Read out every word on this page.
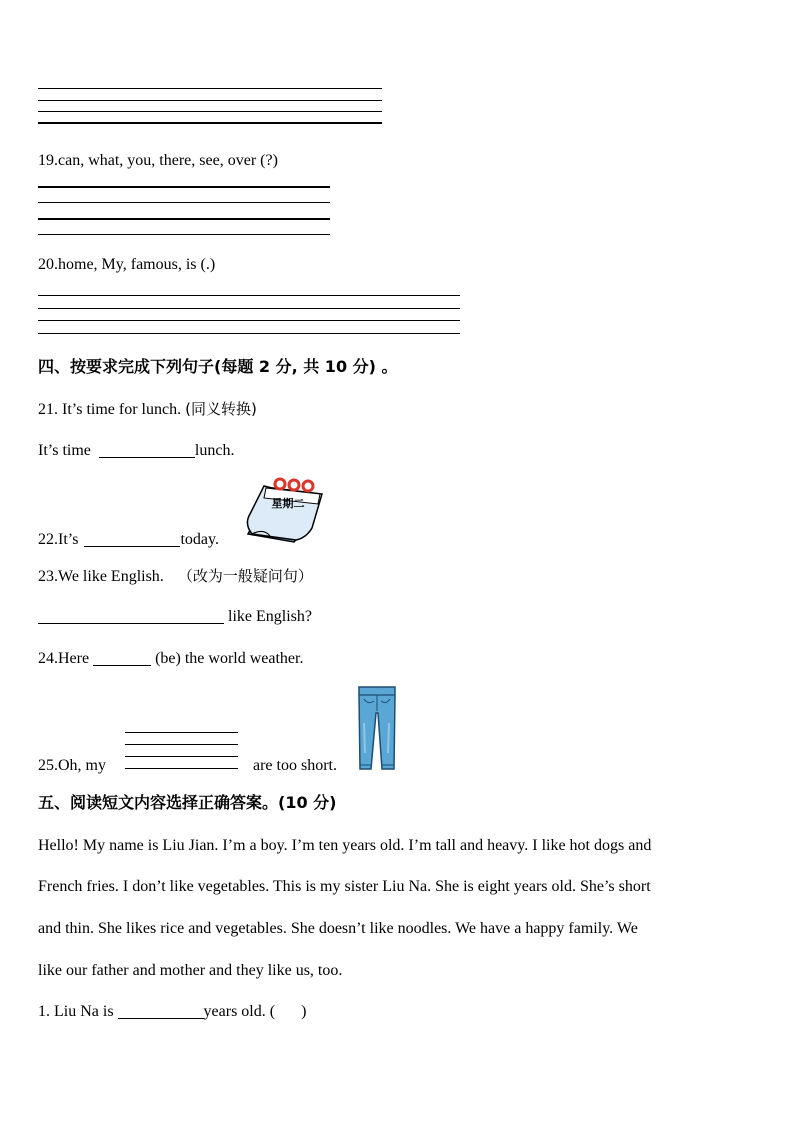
19.can, what, you, there, see, over (?)
20.home, My, famous, is (.)
四、按要求完成下列句子(每题 2 分, 共 10 分) 。
21. It’s time for lunch. (同义转换)
It’s time	lunch.
22.It’s	today.
星期二
23.We like English. （改为一般疑问句）
like English?
24.Here	(be) the world weather.
25.Oh, my	are too short.
五、阅读短文内容选择正确答案。(10 分)
Hello! My name is Liu Jian. I’m a boy. I’m ten years old. I’m tall and heavy. I like hot dogs and
French fries. I don’t like vegetables. This is my sister Liu Na. She is eight years old. She’s short
and thin. She likes rice and vegetables. She doesn’t like noodles. We have a happy family. We
like our father and mother and they like us, too.
1. Liu Na is	years old. ( )
